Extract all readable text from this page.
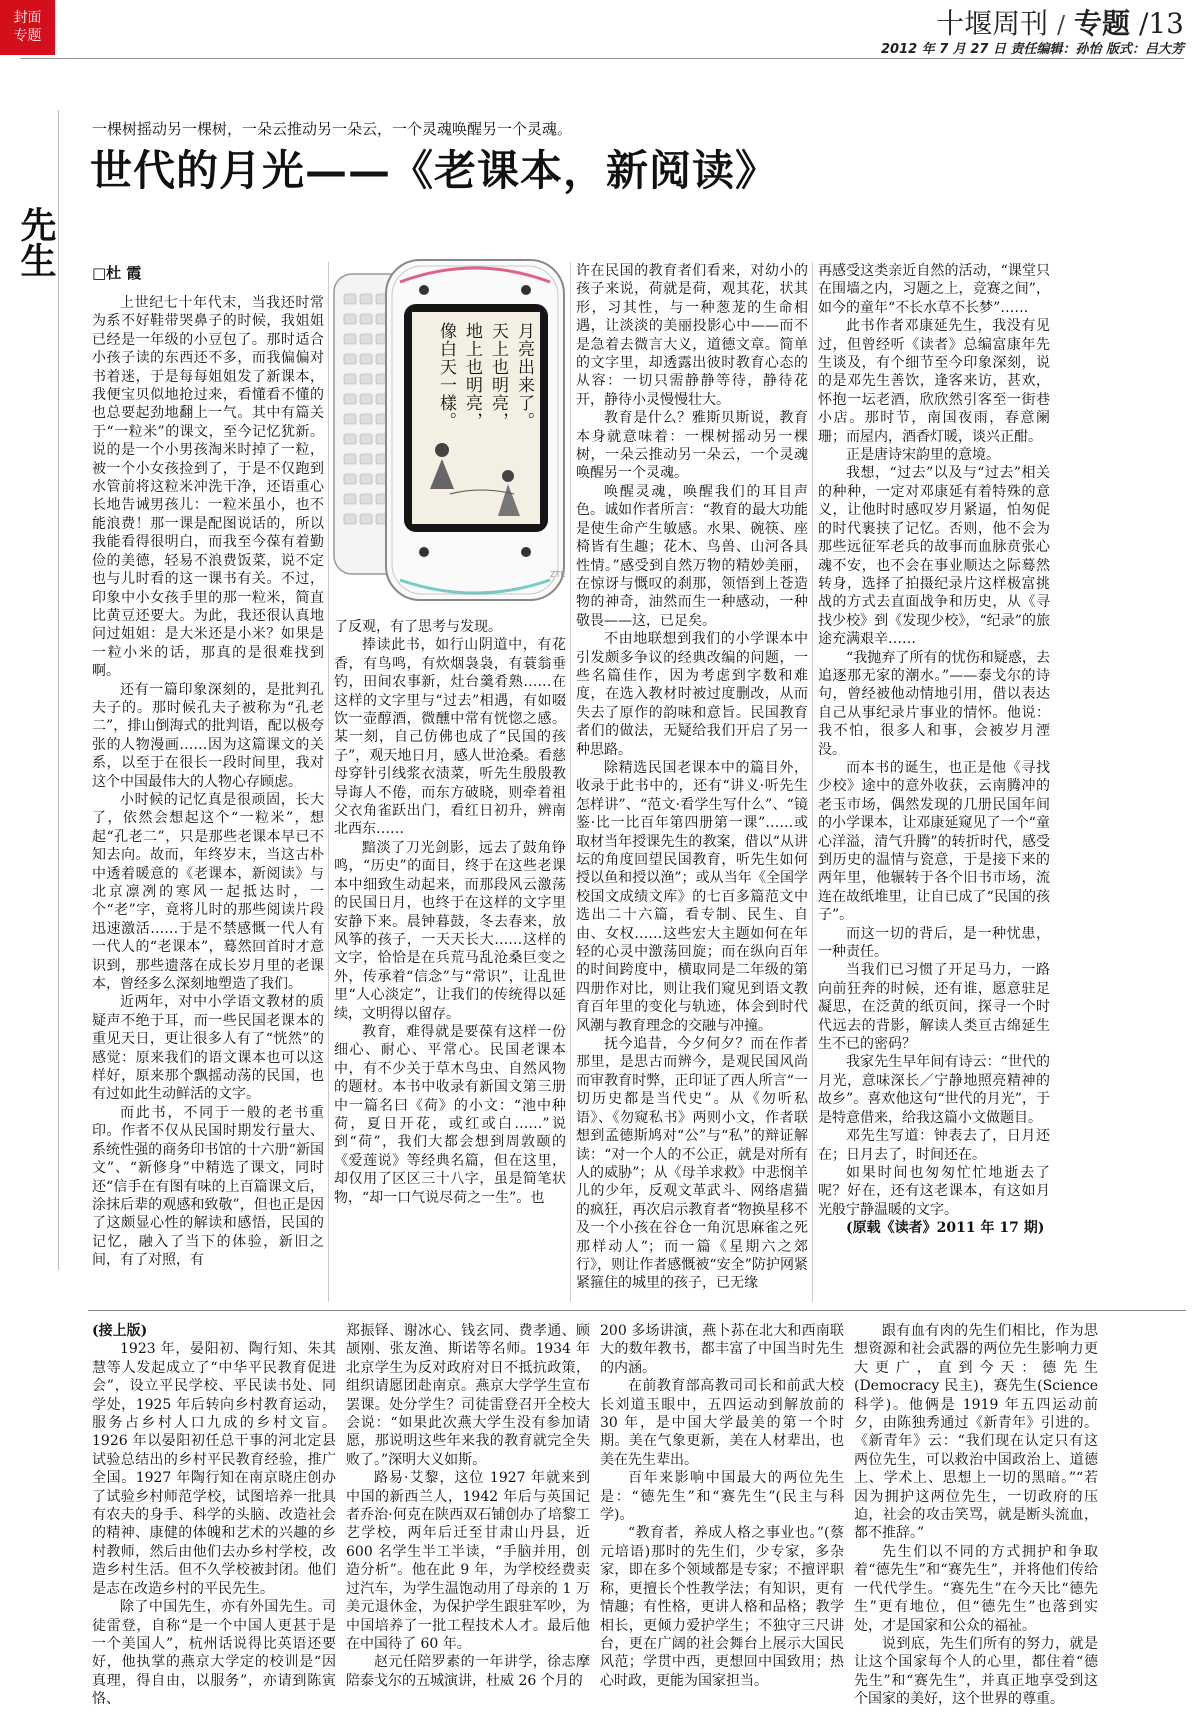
封面
专题	十堰周刊 / 专题 /13
2012 年 7 月 27 日 责任编辑：孙怡 版式：吕大芳
先生
一棵树摇动另一棵树，一朵云推动另一朵云，一个灵魂唤醒另一个灵魂。
世代的月光——《老课本，新阅读》
□杜 霞
月亮出来了。
天上也明亮，
地上也明亮，
像白天一樣。
ZTE

上世纪七十年代末，当我还时常为系不好鞋带哭鼻子的时候，我姐姐已经是一年级的小豆包了。那时适合小孩子读的东西还不多，而我偏偏对书着迷，于是每每姐姐发了新课本，我便宝贝似地抢过来，看懂看不懂的也总要起劲地翻上一气。其中有篇关于“一粒米”的课文，至今记忆犹新。说的是一个小男孩淘米时掉了一粒，被一个小女孩捡到了，于是不仅跑到水管前将这粒米冲洗干净，还语重心长地告诫男孩儿：一粒米虽小，也不能浪费！那一课是配图说话的，所以我能看得很明白，而我至今葆有着勤俭的美德，轻易不浪费饭菜，说不定也与儿时看的这一课书有关。不过，印象中小女孩手里的那一粒米，简直比黄豆还要大。为此，我还很认真地问过姐姐：是大米还是小米？如果是一粒小米的话，那真的是很难找到啊。

还有一篇印象深刻的，是批判孔夫子的。那时候孔夫子被称为“孔老二”，排山倒海式的批判语，配以极夸张的人物漫画……因为这篇课文的关系，以至于在很长一段时间里，我对这个中国最伟大的人物心存顾虑。

小时候的记忆真是很顽固，长大了，依然会想起这个“一粒米”，想起“孔老二”，只是那些老课本早已不知去向。故而，年终岁末，当这古朴中透着暖意的《老课本，新阅读》与北京凛冽的寒风一起抵达时，一个“老”字，竟将儿时的那些阅读片段迅速激活……于是不禁感慨一代人有一代人的“老课本”，蓦然回首时才意识到，那些遗落在成长岁月里的老课本，曾经多么深刻地塑造了我们。

近两年，对中小学语文教材的质疑声不绝于耳，而一些民国老课本的重见天日，更让很多人有了“恍然”的感觉：原来我们的语文课本也可以这样好，原来那个飘摇动荡的民国，也有过如此生动鲜活的文字。

而此书，不同于一般的老书重印。作者不仅从民国时期发行量大、系统性强的商务印书馆的十六册“新国文”、“新修身”中精选了课文，同时还“信手在有图有味的上百篇课文后，涂抹后辈的观感和致敬”，但也正是因了这颇显心性的解读和感悟，民国的记忆，融入了当下的体验，新旧之间，有了对照，有

了反观，有了思考与发现。

捧读此书，如行山阴道中，有花香，有鸟鸣，有炊烟袅袅，有蓑翁垂钓，田间农事新，灶台羹肴熟……在这样的文字里与“过去”相遇，有如啜饮一壶醇酒，微醺中常有恍惚之感。某一刻，自己仿佛也成了“民国的孩子”，观天地日月，感人世沧桑。看慈母穿针引线浆衣渍菜，听先生殷殷教导诲人不倦，而东方破晓，则牵着祖父衣角雀跃出门，看红日初升，辨南北西东……

黯淡了刀光剑影，远去了鼓角铮鸣，“历史”的面目，终于在这些老课本中细致生动起来，而那段风云激荡的民国日月，也终于在这样的文字里安静下来。晨钟暮鼓，冬去春来，放风筝的孩子，一天天长大……这样的文字，恰恰是在兵荒马乱沧桑巨变之外，传承着“信念”与“常识”，让乱世里“人心淡定”，让我们的传统得以延续，文明得以留存。

教育，难得就是要葆有这样一份细心、耐心、平常心。民国老课本中，有不少关于草木鸟虫、自然风物的题材。本书中收录有新国文第三册中一篇名曰《荷》的小文：“池中种荷，夏日开花，或红或白……”说到“荷”，我们大都会想到周敦颐的《爱莲说》等经典名篇，但在这里，却仅用了区区三十八字，虽是简笔状物，“却一口气说尽荷之一生”。也

许在民国的教育者们看来，对幼小的孩子来说，荷就是荷，观其花，状其形，习其性，与一种葱茏的生命相遇，让淡淡的美丽投影心中——而不是急着去微言大义，道德文章。简单的文字里，却透露出彼时教育心态的从容：一切只需静静等待，静待花开，静待小灵慢慢壮大。

教育是什么？雅斯贝斯说，教育本身就意味着：一棵树摇动另一棵树，一朵云推动另一朵云，一个灵魂唤醒另一个灵魂。

唤醒灵魂，唤醒我们的耳目声色。诚如作者所言：“教育的最大功能是使生命产生敏感。水果、碗筷、座椅皆有生趣；花木、鸟兽、山河各具性情。”感受到自然万物的精妙美丽，在惊讶与慨叹的刹那，领悟到上苍造物的神奇，油然而生一种感动，一种敬畏——这，已足矣。

不由地联想到我们的小学课本中引发颇多争议的经典改编的问题，一些名篇佳作，因为考虑到字数和难度，在选入教材时被过度删改，从而失去了原作的韵味和意旨。民国教育者们的做法，无疑给我们开启了另一种思路。

除精选民国老课本中的篇目外，收录于此书中的，还有“讲义·听先生怎样讲”、“范文·看学生写什么”、“镜鉴·比一比百年第四册第一课”……或取材当年授课先生的教案，借以“从讲坛的角度回望民国教育，听先生如何授以鱼和授以渔”；或从当年《全国学校国文成绩文库》的七百多篇范文中选出二十六篇，看专制、民生、自由、女权……这些宏大主题如何在年轻的心灵中激荡回旋；而在纵向百年的时间跨度中，横取同是二年级的第四册作对比，则让我们窥见到语文教育百年里的变化与轨迹，体会到时代风潮与教育理念的交融与冲撞。

抚今追昔，今夕何夕？而在作者那里，是思古而辨今，是观民国风尚而审教育时弊，正印证了西人所言“一切历史都是当代史”。从《勿听私语》、《勿窥私书》两则小文，作者联想到孟德斯鸠对“公”与“私”的辩证解读：“对一个人的不公正，就是对所有人的威胁”；从《母羊求救》中悲悯羊儿的少年，反观文革武斗、网络虐猫的疯狂，再次启示教育者“物换星移不及一个小孩在谷仓一角沉思麻雀之死那样动人”；而一篇《星期六之郊行》，则让作者感慨被“安全”防护网紧紧箍住的城里的孩子，已无缘

再感受这类亲近自然的活动，“课堂只在围墙之内，习题之上，竞赛之间”，如今的童年“不长水草不长梦”……

此书作者邓康延先生，我没有见过，但曾经听《读者》总编富康年先生谈及，有个细节至今印象深刻，说的是邓先生善饮，逢客来访，甚欢，怀抱一坛老酒，欣欣然引客至一街巷小店。那时节，南国夜雨，春意阑珊；而屋内，酒香灯暖，谈兴正酣。

正是唐诗宋韵里的意境。

我想，“过去”以及与“过去”相关的种种，一定对邓康延有着特殊的意义，让他时时感叹岁月紧逼，怕匆促的时代裹挟了记忆。否则，他不会为那些远征军老兵的故事而血脉贲张心魂不安，也不会在事业顺达之际蓦然转身，选择了拍摄纪录片这样极富挑战的方式去直面战争和历史，从《寻找少校》到《发现少校》，“纪录”的旅途充满艰辛……

“我抛弃了所有的忧伤和疑惑，去追逐那无家的潮水。”——泰戈尔的诗句，曾经被他动情地引用，借以表达自己从事纪录片事业的情怀。他说：我不怕，很多人和事，会被岁月湮没。

而本书的诞生，也正是他《寻找少校》途中的意外收获，云南腾冲的老玉市场，偶然发现的几册民国年间的小学课本，让邓康延窥见了一个“童心洋溢，清气升腾”的转折时代，感受到历史的温情与瓷意，于是接下来的两年里，他辗转于各个旧书市场，流连在故纸堆里，让自已成了“民国的孩子”。

而这一切的背后，是一种忧患，一种责任。

当我们已习惯了开足马力，一路向前狂奔的时候，还有谁，愿意驻足凝思，在泛黄的纸页间，探寻一个时代远去的背影，解读人类亘古绵延生生不已的密码？

我家先生早年间有诗云：“世代的月光，意味深长／宁静地照亮精神的故乡”。喜欢他这句“世代的月光”，于是特意借来，给我这篇小文做题目。

邓先生写道：钟表去了，日月还在；日月去了，时间还在。

如果时间也匆匆忙忙地逝去了呢？好在，还有这老课本，有这如月光般宁静温暖的文字。

(原载《读者》2011 年 17 期)

(接上版)

1923 年，晏阳初、陶行知、朱其慧等人发起成立了“中华平民教育促进会”，设立平民学校、平民读书处、同学处，1925 年后转向乡村教育运动，服务占乡村人口九成的乡村文盲。1926 年以晏阳初任总干事的河北定县试验总结出的乡村平民教育经验，推广全国。1927 年陶行知在南京晓庄创办了试验乡村师范学校，试图培养一批具有农夫的身手、科学的头脑、改造社会的精神、康健的体魄和艺术的兴趣的乡村教师，然后由他们去办乡村学校，改造乡村生活。但不久学校被封闭。他们是志在改造乡村的平民先生。

除了中国先生，亦有外国先生。司徒雷登，自称“是一个中国人更甚于是一个美国人”，杭州话说得比英语还要好，他执掌的燕京大学定的校训是“因真理，得自由，以服务”，亦请到陈寅恪、

郑振铎、谢冰心、钱玄同、费孝通、顾颉刚、张友渔、斯诺等名师。1934 年北京学生为反对政府对日不抵抗政策，组织请愿团赴南京。燕京大学学生宣布罢课。处分学生？司徒雷登召开全校大会说：“如果此次燕大学生没有参加请愿，那说明这些年来我的教育就完全失败了。”深明大义如斯。

路易·艾黎，这位 1927 年就来到中国的新西兰人，1942 年后与英国记者乔治·何克在陕西双石铺创办了培黎工艺学校，两年后迁至甘肃山丹县，近 600 名学生半工半读，“手脑并用，创造分析”。他在此 9 年，为学校经费卖过汽车，为学生温饱动用了母亲的 1 万美元退休金，为保护学生跟驻军吵，为中国培养了一批工程技术人才。最后他在中国待了 60 年。

赵元任陪罗素的一年讲学，徐志摩陪泰戈尔的五城演讲，杜威 26 个月的

200 多场讲演，燕卜荪在北大和西南联大的数年教书，都丰富了中国当时先生的内涵。

在前教育部高教司司长和前武大校长刘道玉眼中，五四运动到解放前的 30 年，是中国大学最美的第一个时期。美在气象更新，美在人材辈出，也美在先生辈出。

百年来影响中国最大的两位先生是：“德先生”和“赛先生”(民主与科学)。

“教育者，养成人格之事业也。”(蔡元培语)那时的先生们，少专家，多杂家，即在多个领域都是专家；不擅评职称，更擅长个性教学法；有知识，更有情趣；有性格，更讲人格和品格；教学相长，更倾力爱护学生；不独守三尺讲台，更在广阔的社会舞台上展示大国民风范；学贯中西，更想回中国致用；热心时政，更能为国家担当。

跟有血有肉的先生们相比，作为思想资源和社会武器的两位先生影响力更大更广，直到今天：德先生(Democracy 民主)，赛先生(Science 科学)。他俩是 1919 年五四运动前夕，由陈独秀通过《新青年》引进的。《新青年》云：“我们现在认定只有这两位先生，可以救治中国政治上、道德上、学术上、思想上一切的黑暗。”“若因为拥护这两位先生，一切政府的压迫，社会的攻击笑骂，就是断头流血，都不推辞。”

先生们以不同的方式拥护和争取着“德先生”和“赛先生”，并将他们传给一代代学生。“赛先生”在今天比“德先生”更有地位，但“德先生”也落到实处，才是国家和公众的福祉。

说到底，先生们所有的努力，就是让这个国家每个人的心里，都住着“德先生”和“赛先生”，并真正地享受到这个国家的美好，这个世界的尊重。
